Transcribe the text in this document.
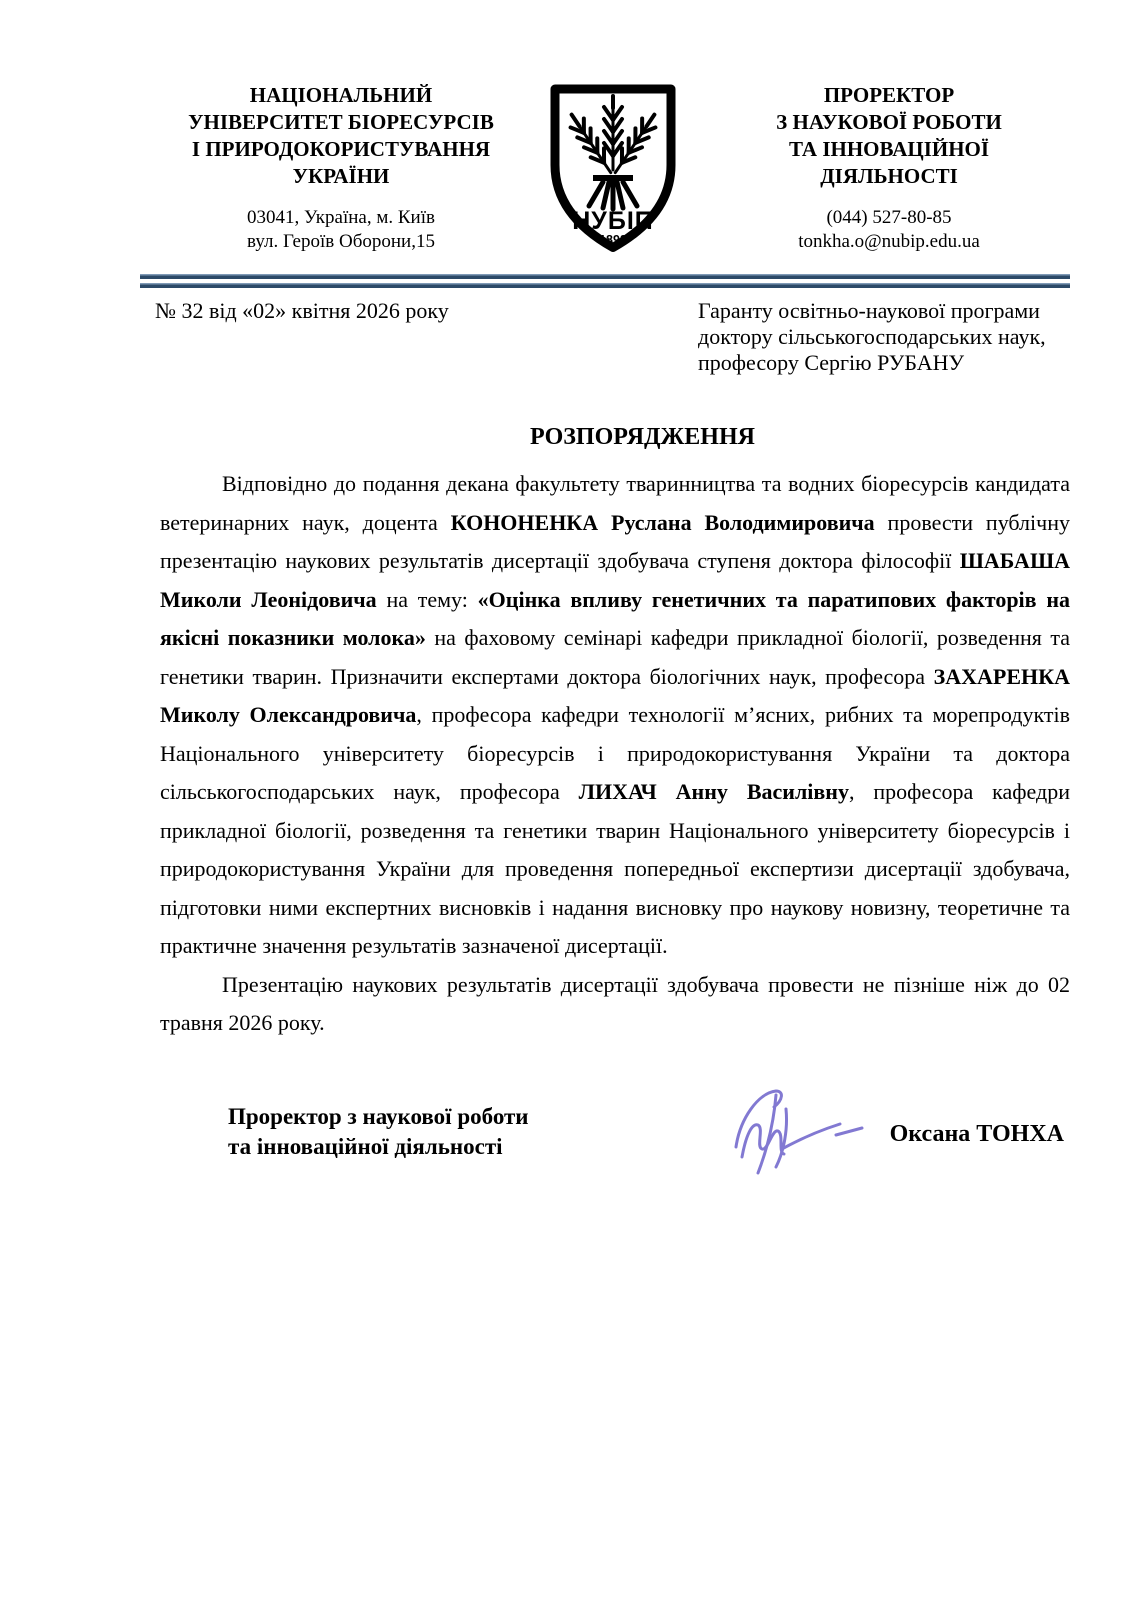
НАЦІОНАЛЬНИЙ
УНІВЕРСИТЕТ БІОРЕСУРСІВ
І ПРИРОДОКОРИСТУВАННЯ
УКРАЇНИ
03041, Україна, м. Київ
вул. Героїв Оборони,15
НУБІП
1898
ПРОРЕКТОР
З НАУКОВОЇ РОБОТИ
ТА ІННОВАЦІЙНОЇ
ДІЯЛЬНОСТІ
(044) 527-80-85
tonkha.o@nubip.edu.ua
№ 32 від «02» квітня 2026 року	Гаранту освітньо-наукової програми
доктору сільськогосподарських наук,
професору Сергію РУБАНУ
РОЗПОРЯДЖЕННЯ

Відповідно до подання декана факультету тваринництва та водних біоресурсів кандидата ветеринарних наук, доцента КОНОНЕНКА Руслана Володимировича провести публічну презентацію наукових результатів дисертації здобувача ступеня доктора філософії ШАБАША Миколи Леонідовича на тему: «Оцінка впливу генетичних та паратипових факторів на якісні показники молока» на фаховому семінарі кафедри прикладної біології, розведення та генетики тварин. Призначити експертами доктора біологічних наук, професора ЗАХАРЕНКА Миколу Олександровича, професора кафедри технології м’ясних, рибних та морепродуктів Національного університету біоресурсів і природокористування України та доктора сільськогосподарських наук, професора ЛИХАЧ Анну Василівну, професора кафедри прикладної біології, розведення та генетики тварин Національного університету біоресурсів і природокористування України для проведення попередньої експертизи дисертації здобувача, підготовки ними експертних висновків і надання висновку про наукову новизну, теоретичне та практичне значення результатів зазначеної дисертації.

Презентацію наукових результатів дисертації здобувача провести не пізніше ніж до 02 травня 2026 року.

Проректор з наукової роботи
та інноваційної діяльності	Оксана ТОНХА
